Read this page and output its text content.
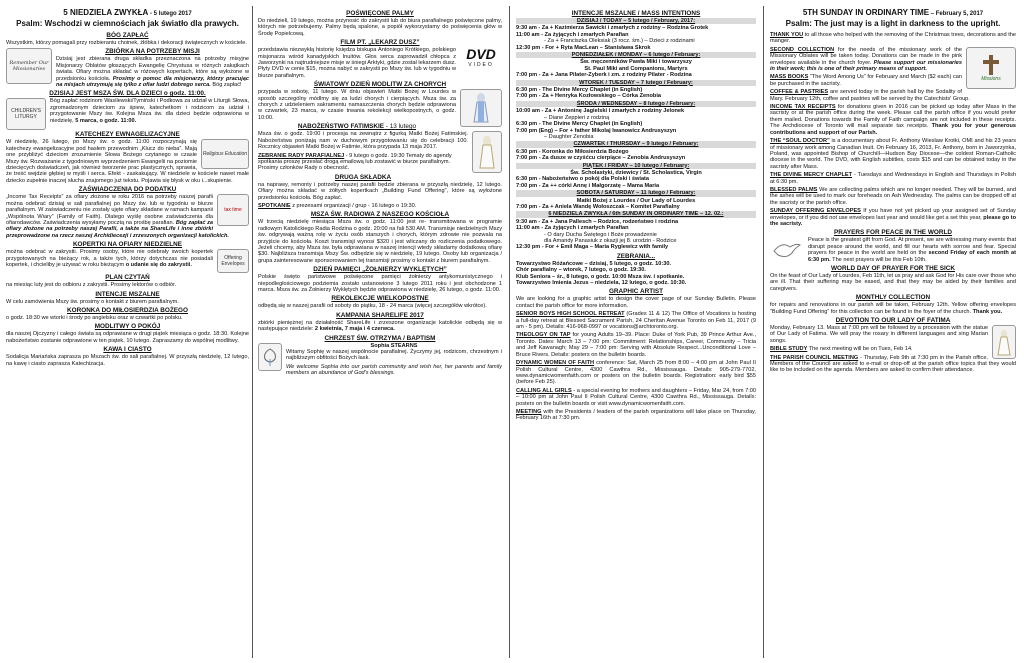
5 NIEDZIELA ZWYKŁA - 5 lutego 2017
Psalm: Wschodzi w ciemnościach jak światło dla prawych.
BÓG ZAPŁAĆ

Wszystkim, którzy pomagali przy rozbieraniu choinek, żłóbka i dekoracji świątecznych w kościele.

Remember Our Missionaries
ZBIÓRKA NA POTRZEBY MISJI

Dzisiaj jest zbierana druga składka przeznaczona na potrzeby misyjne Misjonarzy Oblatów głoszących Ewangelię Chrystusa w różnych zakątkach świata. Ofiary można składać w różowych kopertach, które są wyłożone w przedsionku kościoła. Prosimy o pomoc dla misjonarzy, którzy pracując na misjach utrzymują się tylko z ofiar ludzi dobrego serca. Bóg zapłać!

DZISIAJ JEST MSZA ŚW. DLA DZIECI o godz. 11:00.
CHILDREN'S LITURGY

Bóg zapłać rodzinom Wasilewski/Tymiński i Podkowa za udział w Liturgii Słowa, zgromadzonym dzieciom za śpiew, katechetkom i rodzicom za udział i przygotowanie Mszy św. Kolejna Msza św. dla dzieci będzie odprawiona w niedzielę, 5 marca, o godz. 11:00.

KATECHEZY EWNAGELIZACYJNE
Religious Education

W niedzielę, 26 lutego, po Mszy św. o godz. 11:00 rozpoczynają się katechezy ewangelizacyjne pod hasłem przewodnim „Klucz do nieba”. Mają one przybliżyć dzieciom zrozumienie Słowa Bożego czytanego w czasie Mszy św. Rozważanie z tygodniowym wyprzedzeniem Ewangelii na poziomie dziecięcych doświadczeń, jak również tworzenie prac plastycznych, sprawia, że treść wejdzie głębiej w myśli i serca. Efekt - zaskakujący. W niedziele w kościele nawet małe dziecko zupełnie inaczej słucha znajomego już tekstu. Pojawia się błysk w oku i...skupienie.

ZAŚWIADCZENIA DO PODATKU
tax time

„Income Tax Receipts” za ofiary złożone w roku 2016 na potrzeby naszej parafii można odebrać dzisiaj w sali parafialnej po Mszy św. lub w tygodniu w biurze parafialnym. W zaświadczeniu nie zostały ujęte ofiary składane w ramach kampanii „Wspólnota Wiary” (Family of Faith). Dlatego wyślę osobne zaświadczenia dla ofiarodawców. Zaświadczenia wysyłamy pocztą na prośbę parafian. Bóg zapłać za ofiary złożone na potrzeby naszej Parafii, a także na ShareLife i inne zbiórki przeprowadzone na rzecz naszej Archidiecezji i zrzeszonych organizacji katolickich.

KOPERTKI NA OFIARY NIEDZIELNE
Offering Envelopes

można odebrać w zakrystii. Prosimy osoby, które nie odebrały swoich kopertek przygotowanych na bieżący rok, a także tych, którzy dotychczas nie posiadali kopertek, i chcieliby je używać w roku bieżącym o udanie się do zakrystii.

PLAN CZYTAŃ

na miesiąc luty jest do odbioru z zakrystii. Prosimy lektorów o odbiór.

INTENCJE MSZALNE

W celu zamówienia Mszy św. prosimy o kontakt z biurem parafialnym.

KORONKA DO MIŁOSIERDZIA BOŻEGO

o godz. 18:30 we wtorki i środy po angielsku oraz w czwartki po polsku.

MODLITWY O POKÓJ

dla naszej Ojczyzny i całego świata są odprawiane w drugi piątek miesiąca o godz. 18:30. Kolejne nabożeństwo zostanie odprawione w ten piątek, 10 lutego. Zapraszamy do wspólnej modlitwy.

KAWA I CIASTO

Sodalicja Mariańska zaprasza po Mszach św. do sali parafialnej. W przyszłą niedzielę, 12 lutego, na kawę i ciasto zaprasza Katechizacja.

POŚWIĘCONE PALMY

Do niedzieli, 19 lutego, można przynosić do zakrystii lub do biura parafialnego poświęcone palmy, których nie potrzebujemy. Palmy będą spalone, a popiół wykorzystamy do poświęcenia głów w Środę Popielcową.

FILM PT. „LEKARZ DUSZ”
DVD
VIDEO

przedstawia niezwykłą historię księdza biskupa Antoniego Krótkiego, polskiego misjonarza wśród kanadyjskich Inuitów. Głos serca zaprowadził chłopca z Jaworzynki na najtrudniejsze misje w śniegi Arktyki, gdzie został lekarzem dusz. Płyty DVD w cenie $15, można nabyć w zakrystii po Mszy św. lub w tygodniu w biurze parafialnym.

ŚWIATOWY DZIEŃ MODLITW ZA CHORYCH

przypada w sobotę, 11 lutego. W dniu objawień Matki Bożej w Lourdes w sposób szczególny módlmy się za ludzi chorych i cierpiących. Msza św. za chorych z udzieleniem sakramentu namaszczenia chorych będzie odprawiona w czwartek, 23 marca, w czasie trwania rekolekcji wielkopostnych, o godz. 10:00.

NABOŻEŃSTWO FATIMSKIE - 13 lutego

Msza św. o godz. 19:00 i procesja na zewnątrz z figurką Matki Bożej Fatimskiej. Nabożeństwa poniżają nam w duchowym przygotowaniu się do celebracji 100. Rocznicy objawień Matki Bożej w Fatimie, która przypada 13 maja 2017.

ZEBRANIE RADY PARAFIALNEJ - 9 lutego o godz. 19:30 Tematy do agendy spotkania proszę przesłać drogą emailową lub zostawić w biurze parafialnym. Prosimy członków Rady o obecność.
DRUGA SKŁADKA

na naprawy, remonty i potrzeby naszej parafii będzie zbierana w przyszłą niedzielę, 12 lutego. Ofiary można składać w żółtych kopertkach „Building Fund Offering”, które są wyłożone przedsionku kościoła. Bóg zapłać.

SPOTKANIE z prezesami organizacji / grup - 16 lutego o 19:30.

MSZA ŚW. RADIOWA Z NASZEGO KOŚCIOŁA

W trzecią niedzielę miesiąca Msza św. o godz. 11:00 jest re- transmitowana w programie radiowym Katolickiego Radia Rodzina o godz. 20:00 na fali 530 AM. Transmisje niedzielnych Mszy św. odgrywają ważną rolę w życiu osób starszych i chorych, którym zdrowie nie pozwala na przyjście do kościoła. Koszt transmisji wynosi $320 i jest wliczany do rozliczenia podatkowego. Jeżeli chcemy, aby Msza św. była odprawiana w naszej intencji wtedy składamy dodatkową ofiarę $30. Najbliższa transmisja Mszy Św. odbędzie się w niedzielę, 19 lutego. Osoby lub organizacja / grupa zainteresowane sponsorowaniem tej transmisji prosimy o kontakt z biurem parafialnym.

DZIEŃ PAMIĘCI „ŻOŁNIERZY WYKLĘTYCH”

Polskie święto państwowe poświęcone pamięci żołnierzy antykomunistycznego i niepodległościowego podziemia zostało ustanowione 3 lutego 2011 roku i jest obchodzone 1 marca. Msza św. za Żołnierzy Wyklętych będzie odprawiona w niedzielę, 26 lutego, o godz. 11:00.

REKOLEKCJE WIELKOPOSTNE

odbędą się w naszej parafii od soboty do piątku, 18 - 24 marca (więcej szczegółów wkrótce).

KAMPANIA SHARELIFE 2017

zbiórki pieniężnej na działalność ShareLife i zrzeszone organizacje katolickie odbędą się w następujące niedziele: 2 kwietnia, 7 maja i 4 czerwca.

CHRZEST ŚW. OTRZYMA / BAPTISM
Sophia STEARNS

Witamy Sophię w naszej wspólnocie parafialnej. Życzymy jej, rodzicom, chrzestnym i najbliższym obfitości Bożych łask.

We welcome Sophia into our parish community and wish her, her parents and family members an abundance of God's blessings.

INTENCJE MSZALNE / MASS INTENTIONS
DZISIAJ / TODAY – 5 lutego / February, 2017:
9:30 am - Za + Kazimierza Sawicki i zmarłych z rodziny – Rodzina Grotek
11:00 am - Za żyjących i zmarłych Parafian
- Za + Franciszka Oleksiak (3 rocz. śm.) – Dzieci z rodzinami
12:30 pm - For + Ryta MacLean – Stanisława Skrok
PONIEDZIAŁEK / MONDAY – 6 lutego / February:
Św. męczenników Pawła Miki i towarzyszy
St. Paul Miki and Companions, Martyrs
7:00 pm - Za + Jana Pilater-Zyberk i zm. z rodziny Pilater - Rodzina
WTOREK / TUESDAY – 7 lutego / February:
6:30 pm - The Divine Mercy Chaplet (in English)
7:00 pm - Za + Henryka Kozłowskiego – Córka Zenobia
ŚRODA / WEDNESDAY – 8 lutego / February:
10:00 am - Za + Antoninę Jagielski i zmarłych z rodziny Jelonek
– Diane Zeppieri z rodziną
6:30 pm - The Divine Mercy Chaplet (in English)
7:00 pm (Eng) – For + father Mikolaj Iwanowicz Andrusyszyn
– Daughter Zenobia
CZWARTEK / THURSDAY – 9 lutego / February:
6:30 pm - Koronka do Miłosierdzia Bożego
7:00 pm - Za dusze w czyśćcu cierpiące – Zenobia Andrusyszyn
PIĄTEK / FRIDAY – 10 lutego / February:
Św. Scholastyki, dziewicy / St. Scholastica, Virgin
6:30 pm - Nabożeństwo o pokój dla Polski i świata
7:00 pm - Za ++ córki Annę i Małgorzatę – Mama Maria
SOBOTA / SATURDAY – 11 lutego / February:
Matki Bożej z Lourdes / Our Lady of Lourdes
7:00 pm - Za + Aniela Wandę Wołoszczak – Komitet Parafialny
6 NIEDZIELA ZWYKŁA / 6th SUNDAY IN ORDINARY TIME – 12. 02.:
9:30 am - Za + Jana Pallesch – Rodzice, rodzeństwo i rodzina
11:00 am - Za żyjących i zmarłych Parafian
- O dary Ducha Świętego i Boże prowadzenie
dla Amandy Panasiuk z okazji jej 8. urodzin - Rodzice
12:30 pm - For + Emil Maga – Maria Ryglewicz with family
ZEBRANIA...
Towarzystwo Różańcowe – dzisiaj, 5 lutego, o godz. 10:30.
Chór parafialny – wtorek, 7 lutego, o godz. 19:30.
Klub Seniora – śr., 8 lutego, o godz. 10:00 Msza św. i spotkanie.
Towarzystwo Imienia Jezus – niedziela, 12 lutego, o godz. 10:30.
GRAPHIC ARTIST

We are looking for a graphic artist to design the cover page of our Sunday Bulletin. Please contact the parish office for more information.

SENIOR BOYS HIGH SCHOOL RETREAT (Grades 11 & 12) The Office of Vocations is hosting a full-day retreat at Blessed Sacrament Parish, 24 Cheritan Avenue Toronto on Feb 11, 2017 (9 am - 5 pm). Details: 416-968-0997 or vocations@archtoronto.org.

THEOLOGY ON TAP for young Adults 19–39. Place: Duke of York Pub, 39 Prince Arthur Ave., Toronto. Dates: March 13 – 7:00 pm: Commitment: Relationships, Career, Community – Tricia and Jeff Kawanagh; May 29 – 7:00 pm: Serving with Absolute Respect...Unconditional Love – Bruce Rivers. Details: posters on the bulletin boards.

DYNAMIC WOMEN OF FAITH conference: Sat, March 25 from 8:00 – 4:00 pm at John Paul II Polish Cultural Centre, 4300 Cawthra Rd., Mississauga. Details: 905-279-7702, www.dynamicwomenfaith.com or posters on the bulletin boards. Registration: early bird $55 (before Feb 25).

CALLING ALL GIRLS - a special evening for mothers and daughters – Friday, Mar 24, from 7:00 – 10:00 pm at John Paul II Polish Cultural Centre, 4300 Cawthra Rd., Mississauga. Details: posters on the bulletin boards or visit www.dynamicwomenfaith.com.

MEETING with the Presidents / leaders of the parish organizations will take place on Thursday, February 16th at 7:30 pm.

5TH SUNDAY IN ORDINARY TIME – February 5, 2017
Psalm: The just may is a light in darkness to the upright.

THANK YOU to all those who helped with the removing of the Christmas trees, decorations and the manger.

Missions

SECOND COLLECTION for the needs of the missionary work of the Missionary Oblates will be taken today. Donations can be made in the pink envelopes available in the church foyer. Please support our missionaries in their work; this is one of their primary means of support.

MASS BOOKS “The Word Among Us” for February and March ($2 each) can be purchased in the sacristy.

COFFEE & PASTRIES are served today in the parish hall by the Sodality of Mary. February 12th, coffee and pastries will be served by the Catechists' Group.

INCOME TAX RECEIPTS for donations given in 2016 can be picked up today after Mass in the sacristy or at the parish office during the week. Please call the parish office if you would prefer them mailed. Donations towards the Family of Faith campaign are not included in these receipts. The Archdiocese of Toronto will mail separate tax receipts. Thank you for your generous contributions and support of our Parish.

THE “SOUL DOCTOR” is a documentary about Fr. Anthony Wieslaw Krotki, OMI and his 23 years of missionary work among Canadian Inuit. On February 16, 2013, Fr. Anthony, born in Jaworzynka, Poland, was appointed Bishop of Churchill—Hudson Bay Diocese—the coldest Roman-Catholic diocese in the world. The DVD, with English subtitles, costs $15 and can be obtained today in the sacristy after Mass.

THE DIVINE MERCY CHAPLET - Tuesdays and Wednesdays in English and Thursdays in Polish at 6:30 pm.

BLESSED PALMS We are collecting palms which are no longer needed. They will be burned, and the ashes will be used to mark our foreheads on Ash Wednesday. The palms can be dropped off at the sacristy or the parish office.

SUNDAY OFFERING ENVELOPES If you have not yet picked up your assigned set of Sunday envelopes, or if you did not use envelopes last year and would like get a set this year, please go to the sacristy.

PRAYERS FOR PEACE IN THE WORLD

Peace is the greatest gift from God. At present, we are witnessing many events that disrupt peace around the world, and fill our hearts with sorrow and fear. Special prayers for peace in the world are held on the second Friday of each month at 6:30 pm. The next prayers will be this Feb 10th.

WORLD DAY OF PRAYER FOR THE SICK

On the feast of Our Lady of Lourdes, Feb 11th, let us pray and ask God for His care over those who are ill. That their suffering may be eased, and that they may be aided by their families and caregivers.

MONTHLY COLLECTION

for repairs and renovations in our parish will be taken, February 12th. Yellow offering envelopes “Building Fund Offering” for this collection can be found in the foyer of the church. Thank you.

DEVOTION TO OUR LADY OF FATIMA

Monday, February 13. Mass at 7:00 pm will be followed by a procession with the statue of Our Lady of Fatima. We will pray the rosary in different languages and sing Marian songs.

BIBLE STUDY The next meeting will be on Tues, Feb 14.

THE PARISH COUNCIL MEETING - Thursday, Feb 9th at 7:30 pm in the Parish office. Members of the Council are asked to e-mail or drop-off at the parish office topics that they would like to be included on the agenda. Members are asked to confirm their attendance.
